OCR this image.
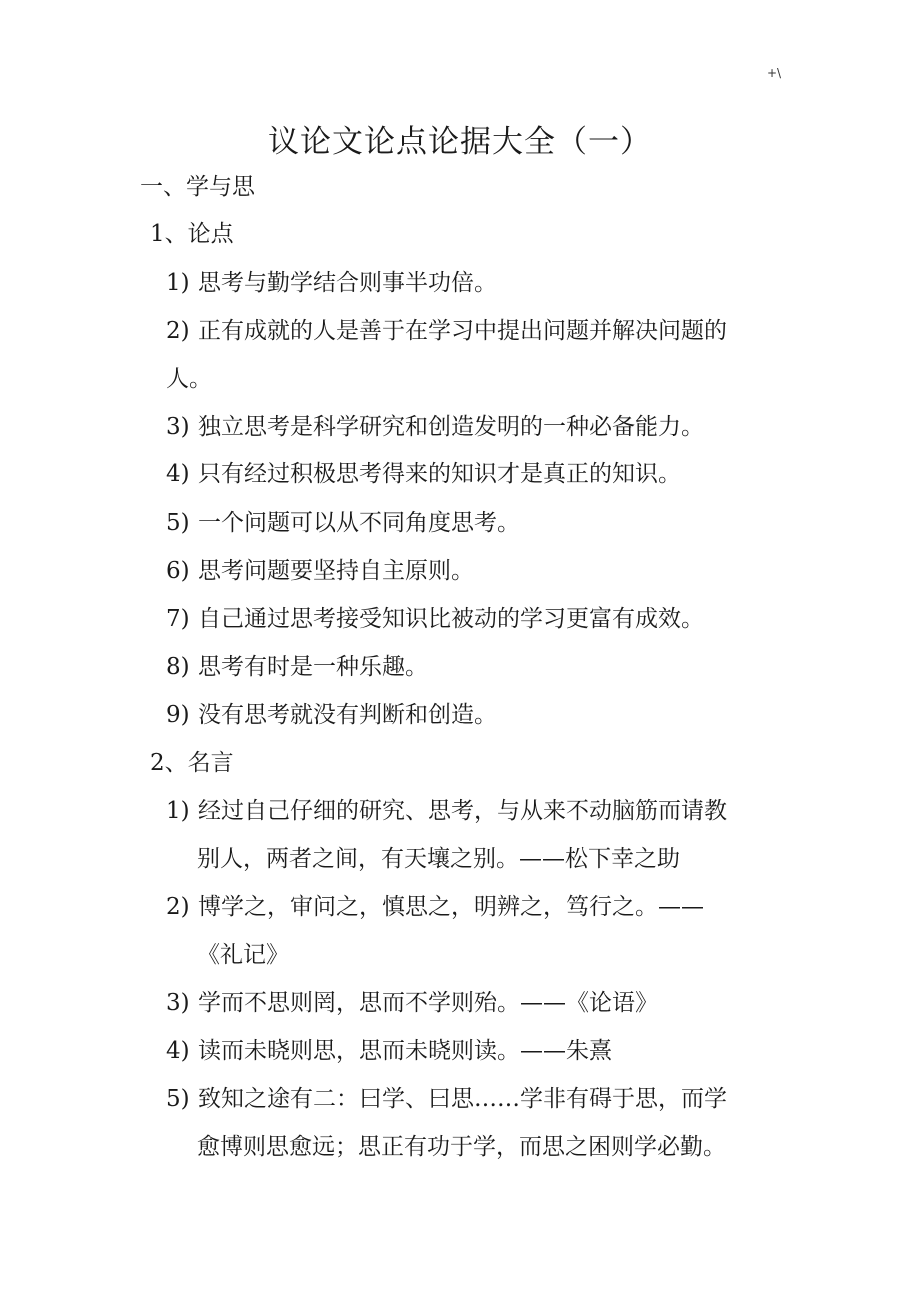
+\
议论文论点论据大全（一）
一、学与思
1、论点
1) 思考与勤学结合则事半功倍。
2) 正有成就的人是善于在学习中提出问题并解决问题的
人。
3) 独立思考是科学研究和创造发明的一种必备能力。
4) 只有经过积极思考得来的知识才是真正的知识。
5) 一个问题可以从不同角度思考。
6) 思考问题要坚持自主原则。
7) 自己通过思考接受知识比被动的学习更富有成效。
8) 思考有时是一种乐趣。
9) 没有思考就没有判断和创造。
2、名言
1) 经过自己仔细的研究、思考，与从来不动脑筋而请教
别人，两者之间，有天壤之别。——松下幸之助
2) 博学之，审问之，慎思之，明辨之，笃行之。——
《礼记》
3) 学而不思则罔，思而不学则殆。——《论语》
4) 读而未晓则思，思而未晓则读。——朱熹
5) 致知之途有二：曰学、曰思……学非有碍于思，而学
愈博则思愈远；思正有功于学，而思之困则学必勤。
